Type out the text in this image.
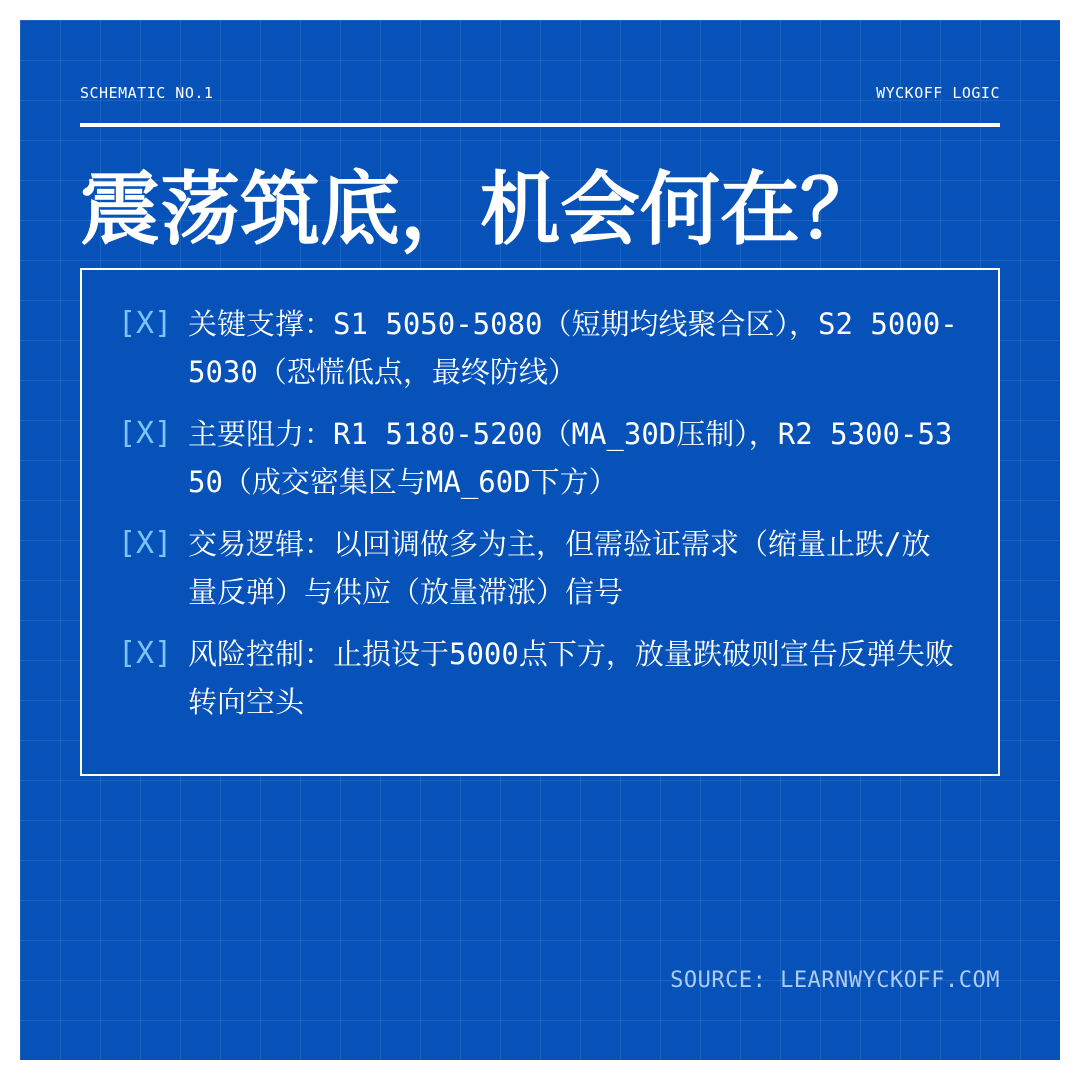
SCHEMATIC NO.1	WYCKOFF LOGIC
震荡筑底，机会何在？
[X] 关键支撑：S1 5050-5080（短期均线聚合区），S2 5000-5030（恐慌低点，最终防线）
[X] 主要阻力：R1 5180-5200（MA_30D压制），R2 5300-5350（成交密集区与MA_60D下方）
[X] 交易逻辑：以回调做多为主，但需验证需求（缩量止跌/放量反弹）与供应（放量滞涨）信号
[X] 风险控制：止损设于5000点下方，放量跌破则宣告反弹失败转向空头
SOURCE: LEARNWYCKOFF.COM
